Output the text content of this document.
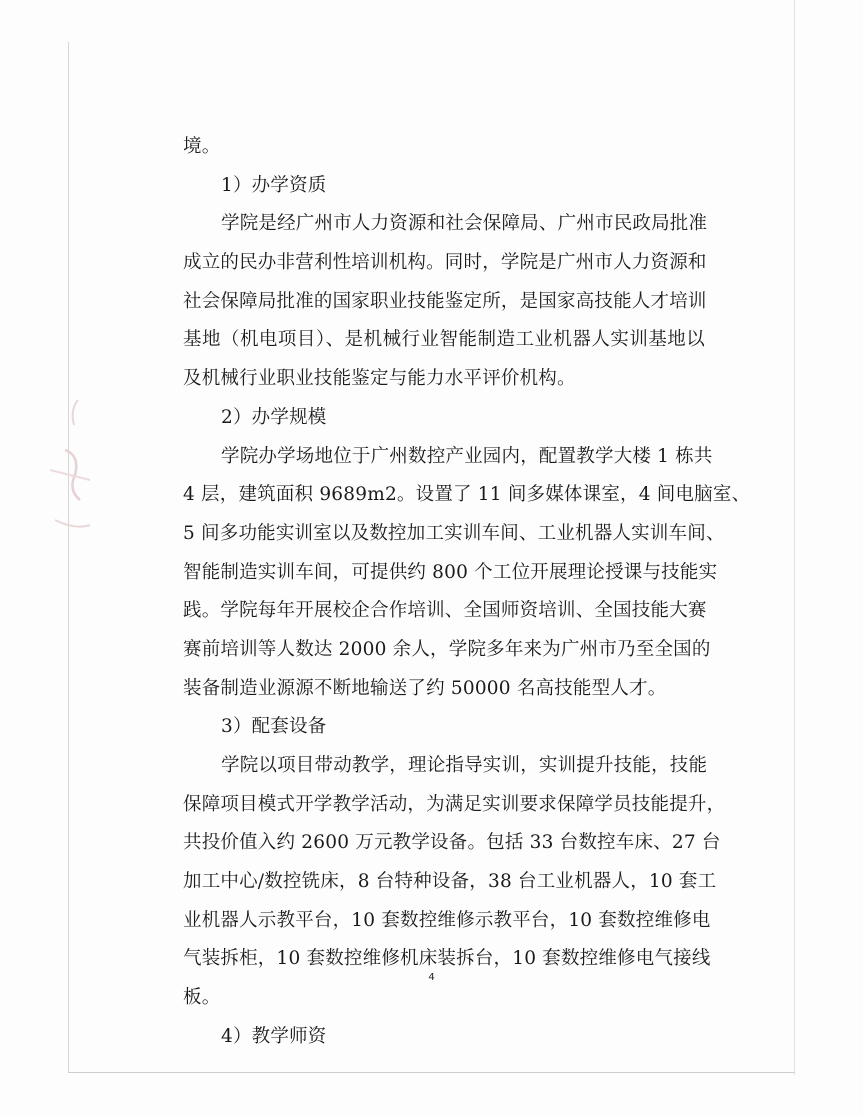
境。
1）办学资质
学院是经广州市人力资源和社会保障局、广州市民政局批准
成立的民办非营利性培训机构。同时，学院是广州市人力资源和
社会保障局批准的国家职业技能鉴定所，是国家高技能人才培训
基地（机电项目）、是机械行业智能制造工业机器人实训基地以
及机械行业职业技能鉴定与能力水平评价机构。
2）办学规模
学院办学场地位于广州数控产业园内，配置教学大楼 1 栋共
4 层，建筑面积 9689m2。设置了 11 间多媒体课室，4 间电脑室、
5 间多功能实训室以及数控加工实训车间、工业机器人实训车间、
智能制造实训车间，可提供约 800 个工位开展理论授课与技能实
践。学院每年开展校企合作培训、全国师资培训、全国技能大赛
赛前培训等人数达 2000 余人，学院多年来为广州市乃至全国的
装备制造业源源不断地输送了约 50000 名高技能型人才。
3）配套设备
学院以项目带动教学，理论指导实训，实训提升技能，技能
保障项目模式开学教学活动，为满足实训要求保障学员技能提升，
共投价值入约 2600 万元教学设备。包括 33 台数控车床、27 台
加工中心/数控铣床，8 台特种设备，38 台工业机器人，10 套工
业机器人示教平台，10 套数控维修示教平台，10 套数控维修电
气装拆柜，10 套数控维修机床装拆台，10 套数控维修电气接线
板。
4）教学师资
4
